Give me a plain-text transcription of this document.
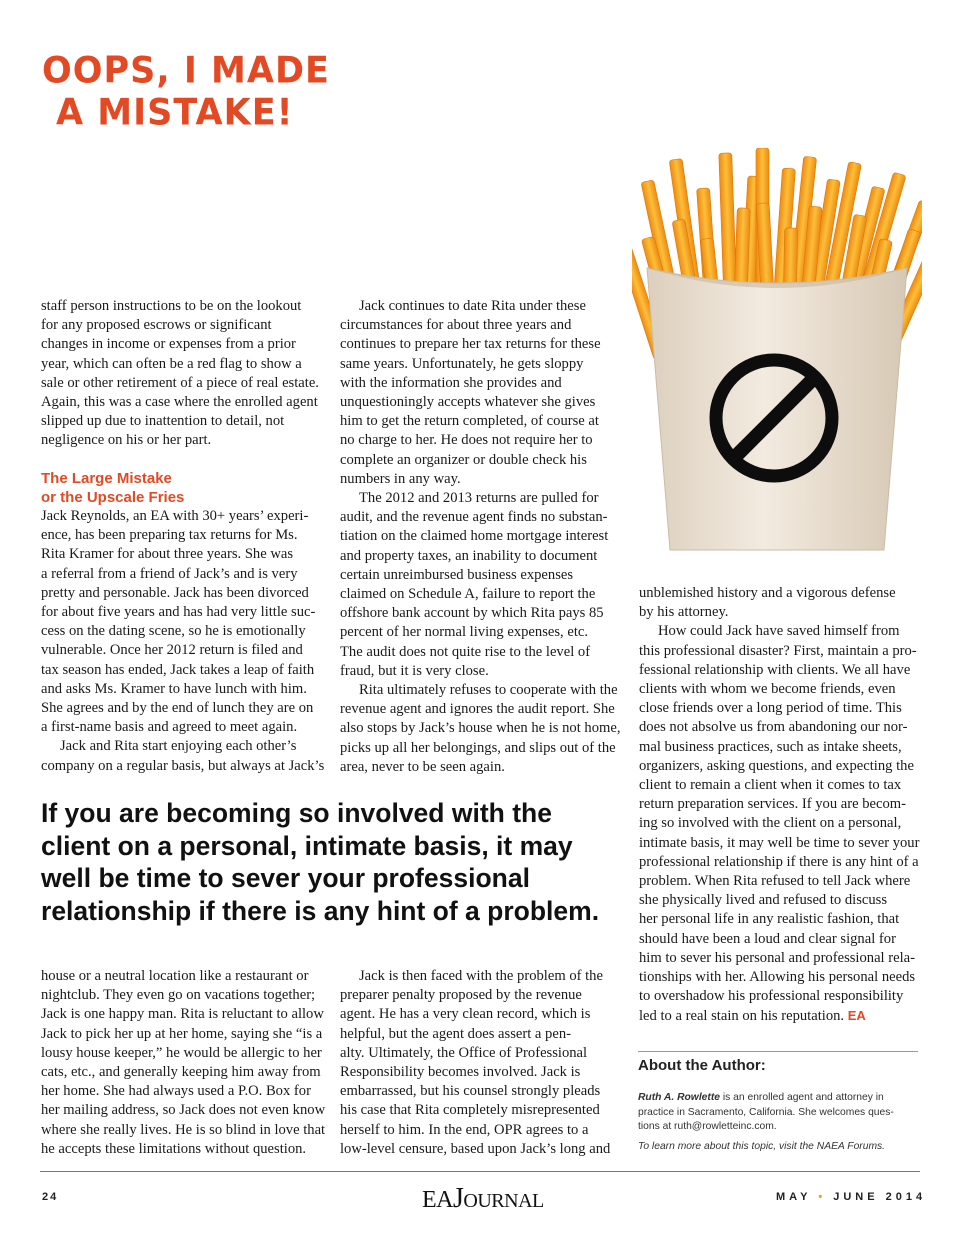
OOPS, I MADE
A MISTAKE!
staff person instructions to be on the lookout
for any proposed escrows or significant
changes in income or expenses from a prior
year, which can often be a red flag to show a
sale or other retirement of a piece of real estate.
Again, this was a case where the enrolled agent
slipped up due to inattention to detail, not
negligence on his or her part.
The Large Mistake
or the Upscale Fries
Jack Reynolds, an EA with 30+ years’ experi-
ence, has been preparing tax returns for Ms.
Rita Kramer for about three years. She was
a referral from a friend of Jack’s and is very
pretty and personable. Jack has been divorced
for about five years and has had very little suc-
cess on the dating scene, so he is emotionally
vulnerable. Once her 2012 return is filed and
tax season has ended, Jack takes a leap of faith
and asks Ms. Kramer to have lunch with him.
She agrees and by the end of lunch they are on
a first-name basis and agreed to meet again.
Jack and Rita start enjoying each other’s
company on a regular basis, but always at Jack’s
Jack continues to date Rita under these
circumstances for about three years and
continues to prepare her tax returns for these
same years. Unfortunately, he gets sloppy
with the information she provides and
unquestioningly accepts whatever she gives
him to get the return completed, of course at
no charge to her. He does not require her to
complete an organizer or double check his
numbers in any way.
The 2012 and 2013 returns are pulled for
audit, and the revenue agent finds no substan-
tiation on the claimed home mortgage interest
and property taxes, an inability to document
certain unreimbursed business expenses
claimed on Schedule A, failure to report the
offshore bank account by which Rita pays 85
percent of her normal living expenses, etc.
The audit does not quite rise to the level of
fraud, but it is very close.
Rita ultimately refuses to cooperate with the
revenue agent and ignores the audit report. She
also stops by Jack’s house when he is not home,
picks up all her belongings, and slips out of the
area, never to be seen again.
unblemished history and a vigorous defense
by his attorney.
How could Jack have saved himself from
this professional disaster? First, maintain a pro-
fessional relationship with clients. We all have
clients with whom we become friends, even
close friends over a long period of time. This
does not absolve us from abandoning our nor-
mal business practices, such as intake sheets,
organizers, asking questions, and expecting the
client to remain a client when it comes to tax
return preparation services. If you are becom-
ing so involved with the client on a personal,
intimate basis, it may well be time to sever your
professional relationship if there is any hint of a
problem. When Rita refused to tell Jack where
she physically lived and refused to discuss
her personal life in any realistic fashion, that
should have been a loud and clear signal for
him to sever his personal and professional rela-
tionships with her. Allowing his personal needs
to overshadow his professional responsibility
led to a real stain on his reputation. EA
If you are becoming so involved with the
client on a personal, intimate basis, it may
well be time to sever your professional
relationship if there is any hint of a problem.
house or a neutral location like a restaurant or
nightclub. They even go on vacations together;
Jack is one happy man. Rita is reluctant to allow
Jack to pick her up at her home, saying she “is a
lousy house keeper,” he would be allergic to her
cats, etc., and generally keeping him away from
her home. She had always used a P.O. Box for
her mailing address, so Jack does not even know
where she really lives. He is so blind in love that
he accepts these limitations without question.
Jack is then faced with the problem of the
preparer penalty proposed by the revenue
agent. He has a very clean record, which is
helpful, but the agent does assert a pen-
alty. Ultimately, the Office of Professional
Responsibility becomes involved. Jack is
embarrassed, but his counsel strongly pleads
his case that Rita completely misrepresented
herself to him. In the end, OPR agrees to a
low-level censure, based upon Jack’s long and
About the Author:
Ruth A. Rowlette is an enrolled agent and attorney in
practice in Sacramento, California. She welcomes ques-
tions at ruth@rowletteinc.com.
To learn more about this topic, visit the NAEA Forums.
24	EAJOURNAL	MAY • JUNE 2014
